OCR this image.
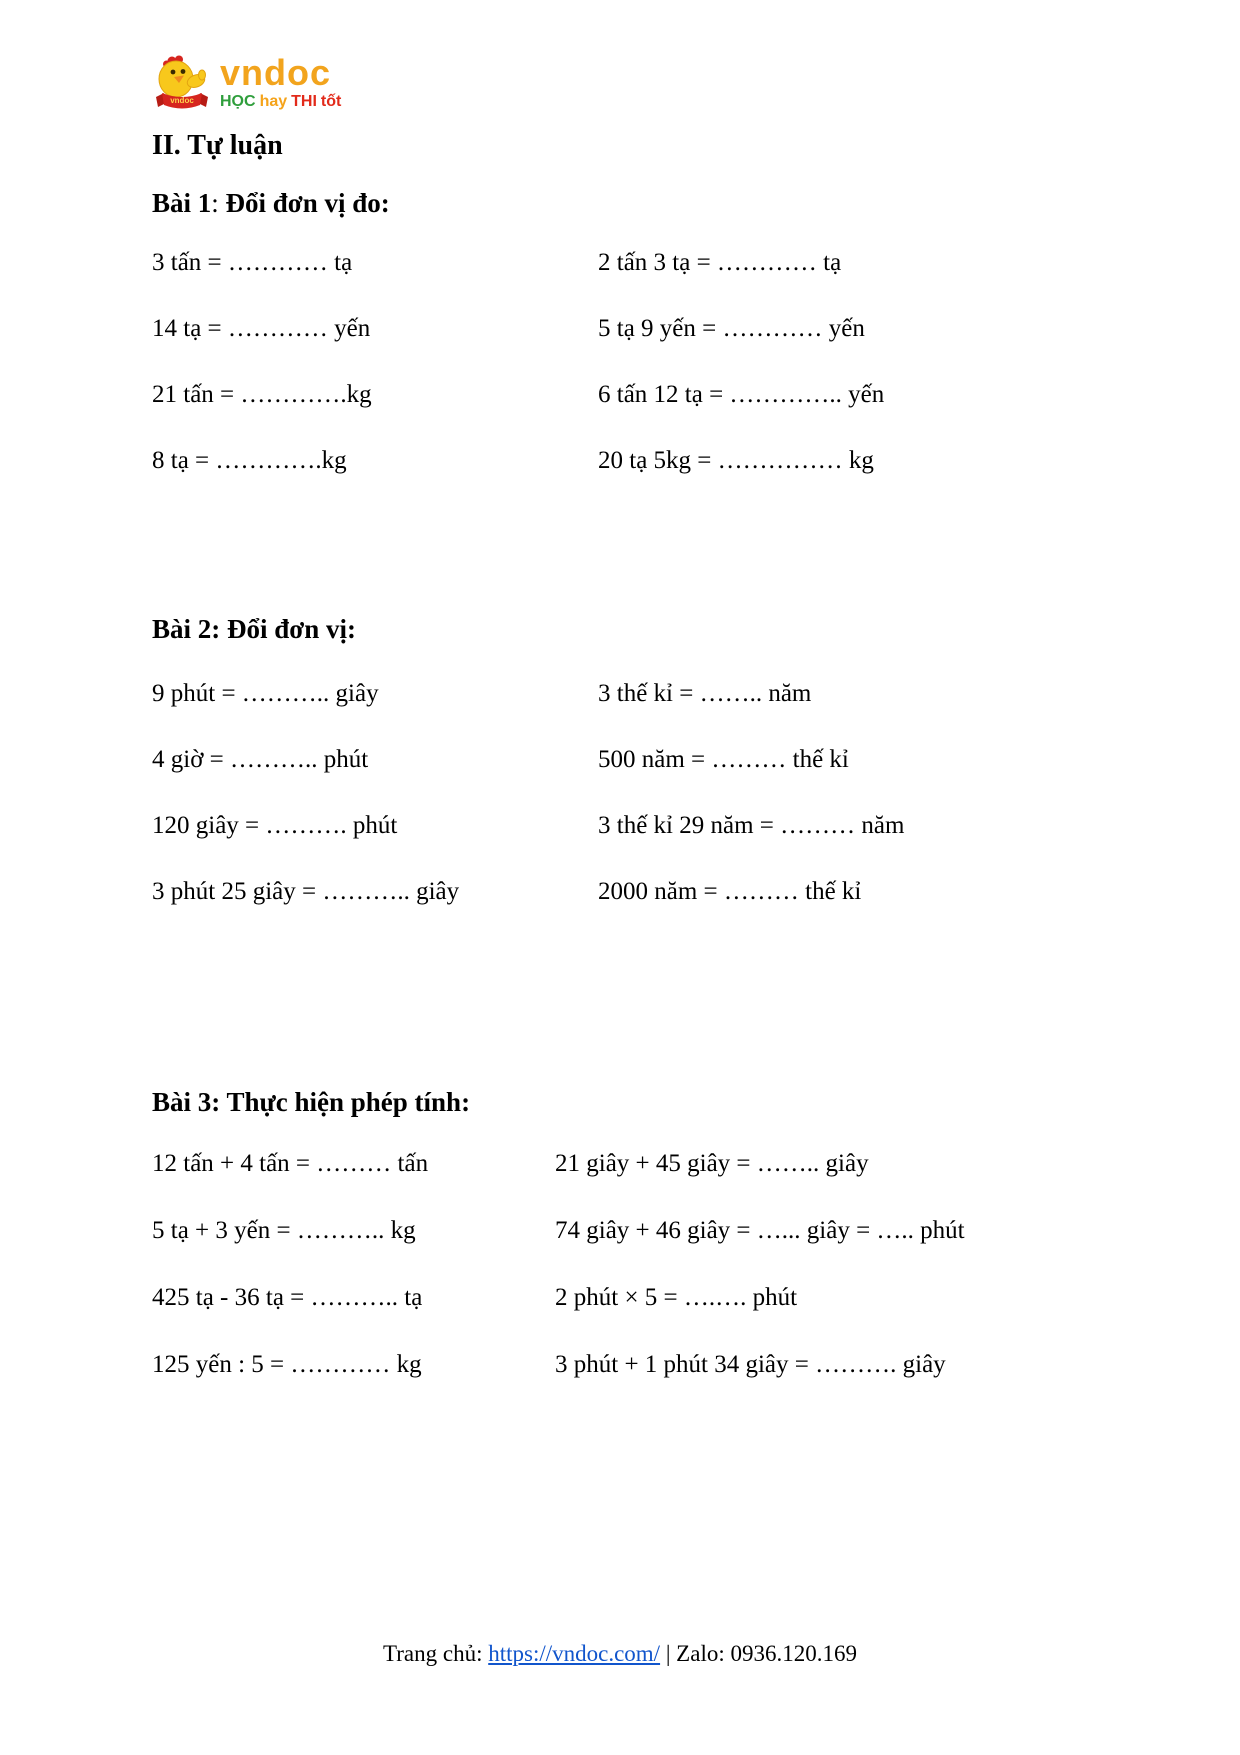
vndoc
vndoc
HỌC hay THI tốt
II. Tự luận
Bài 1: Đổi đơn vị đo:
3 tấn = ………… tạ	2 tấn 3 tạ = ………… tạ
14 tạ = ………… yến	5 tạ 9 yến = ………… yến
21 tấn = ………….kg	6 tấn 12 tạ = ………….. yến
8 tạ = ………….kg	20 tạ 5kg = …………… kg
Bài 2: Đổi đơn vị:
9 phút = ……….. giây	3 thế kỉ = …….. năm
4 giờ = ……….. phút	500 năm = ……… thế kỉ
120 giây = ………. phút	3 thế kỉ 29 năm = ……… năm
3 phút 25 giây = ……….. giây	2000 năm = ……… thế kỉ
Bài 3: Thực hiện phép tính:
12 tấn + 4 tấn = ……… tấn	21 giây + 45 giây = …….. giây
5 tạ + 3 yến = ……….. kg	74 giây + 46 giây = …... giây = ….. phút
425 tạ - 36 tạ = ……….. tạ	2 phút × 5 = ….…. phút
125 yến : 5 = ………… kg	3 phút + 1 phút 34 giây = ………. giây
Trang chủ: https://vndoc.com/ | Zalo: 0936.120.169
